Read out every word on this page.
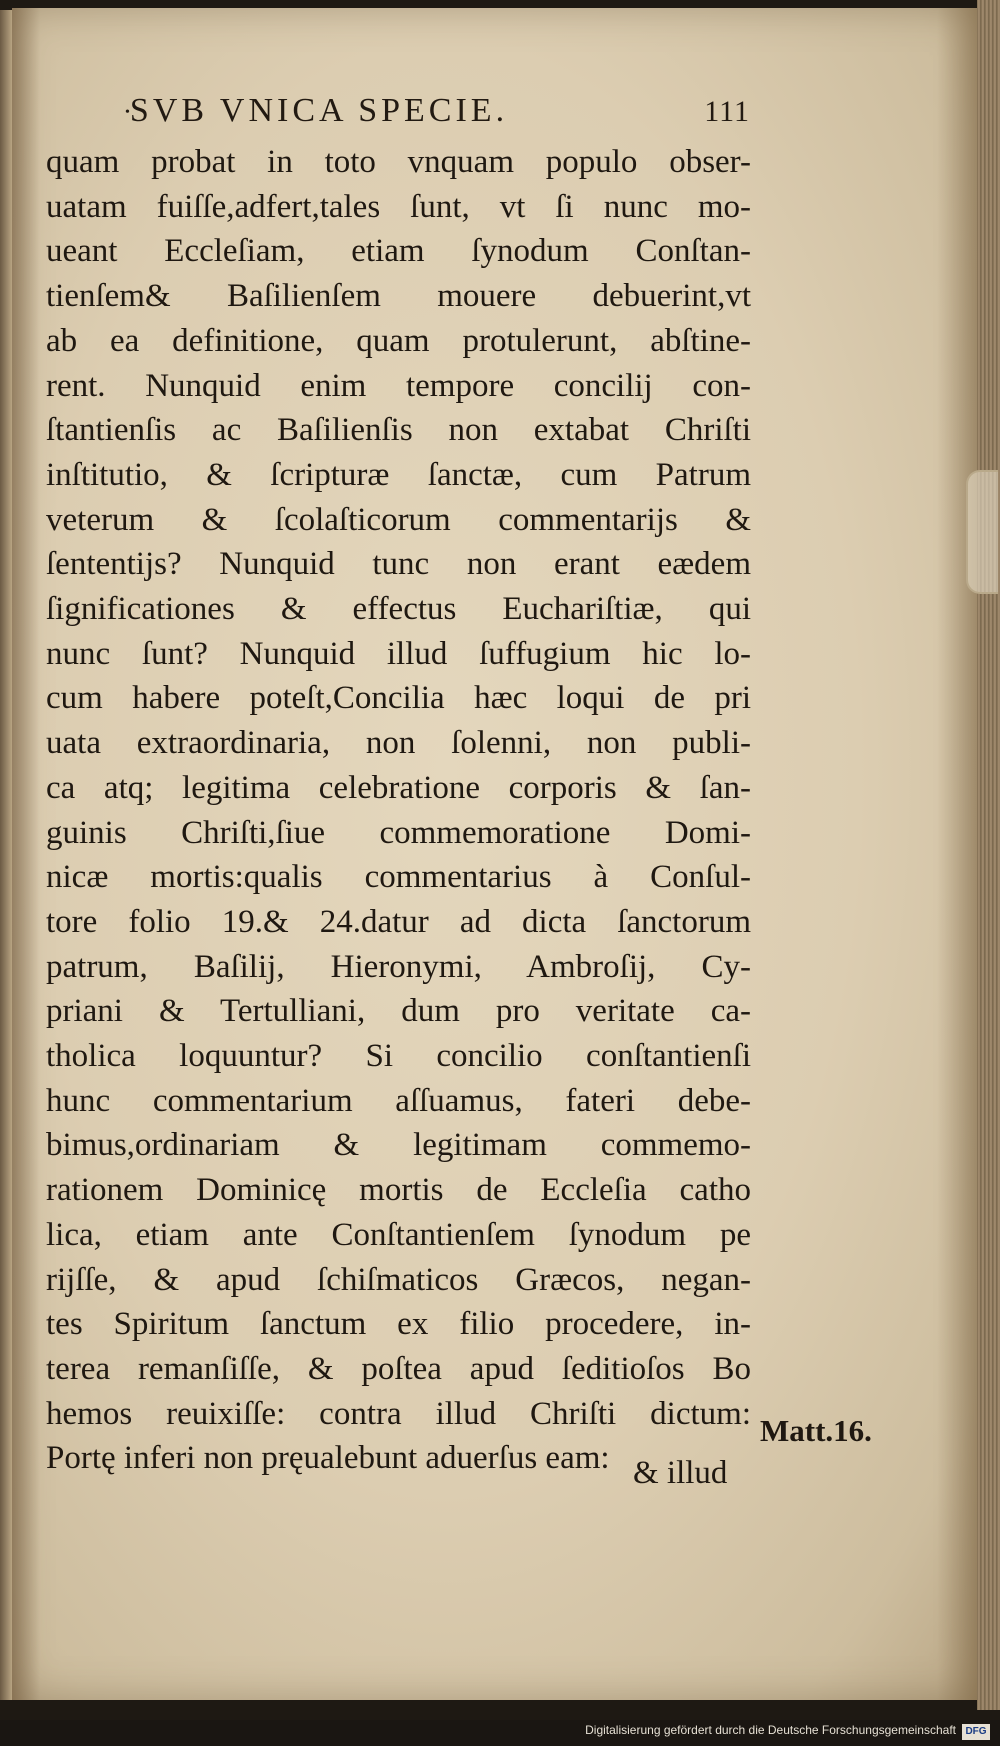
• SVB VNICA SPECIE.	111
quam probat in toto vnquam populo obser-
uatam fuiſſe,adfert,tales ſunt, vt ſi nunc mo-
ueant Eccleſiam, etiam ſynodum Conſtan-
tienſem& Baſilienſem mouere debuerint,vt
ab ea definitione, quam protulerunt, abſtine-
rent. Nunquid enim tempore concilij con-
ſtantienſis ac Baſilienſis non extabat Chriſti
inſtitutio, & ſcripturæ ſanctæ, cum Patrum
veterum & ſcolaſticorum commentarijs &
ſententijs? Nunquid tunc non erant eædem
ſignificationes & effectus Euchariſtiæ, qui
nunc ſunt? Nunquid illud ſuffugium hic lo-
cum habere poteſt,Concilia hæc loqui de pri
uata extraordinaria, non ſolenni, non publi-
ca atq; legitima celebratione corporis & ſan-
guinis Chriſti,ſiue commemoratione Domi-
nicæ mortis:qualis commentarius à Conſul-
tore folio 19.& 24.datur ad dicta ſanctorum
patrum, Baſilij, Hieronymi, Ambroſij, Cy-
priani & Tertulliani, dum pro veritate ca-
tholica loquuntur? Si concilio conſtantienſi
hunc commentarium aſſuamus, fateri debe-
bimus,ordinariam & legitimam commemo-
rationem Dominicę mortis de Eccleſia catho
lica, etiam ante Conſtantienſem ſynodum pe
rijſſe, & apud ſchiſmaticos Græcos, negan-
tes Spiritum ſanctum ex filio procedere, in-
terea remanſiſſe, & poſtea apud ſeditioſos Bo
hemos reuixiſſe: contra illud Chriſti dictum:
Portę inferi non pręualebunt aduerſus eam:
Matt.16.
& illud
Digitalisierung gefördert durch die Deutsche Forschungsgemeinschaft DFG
